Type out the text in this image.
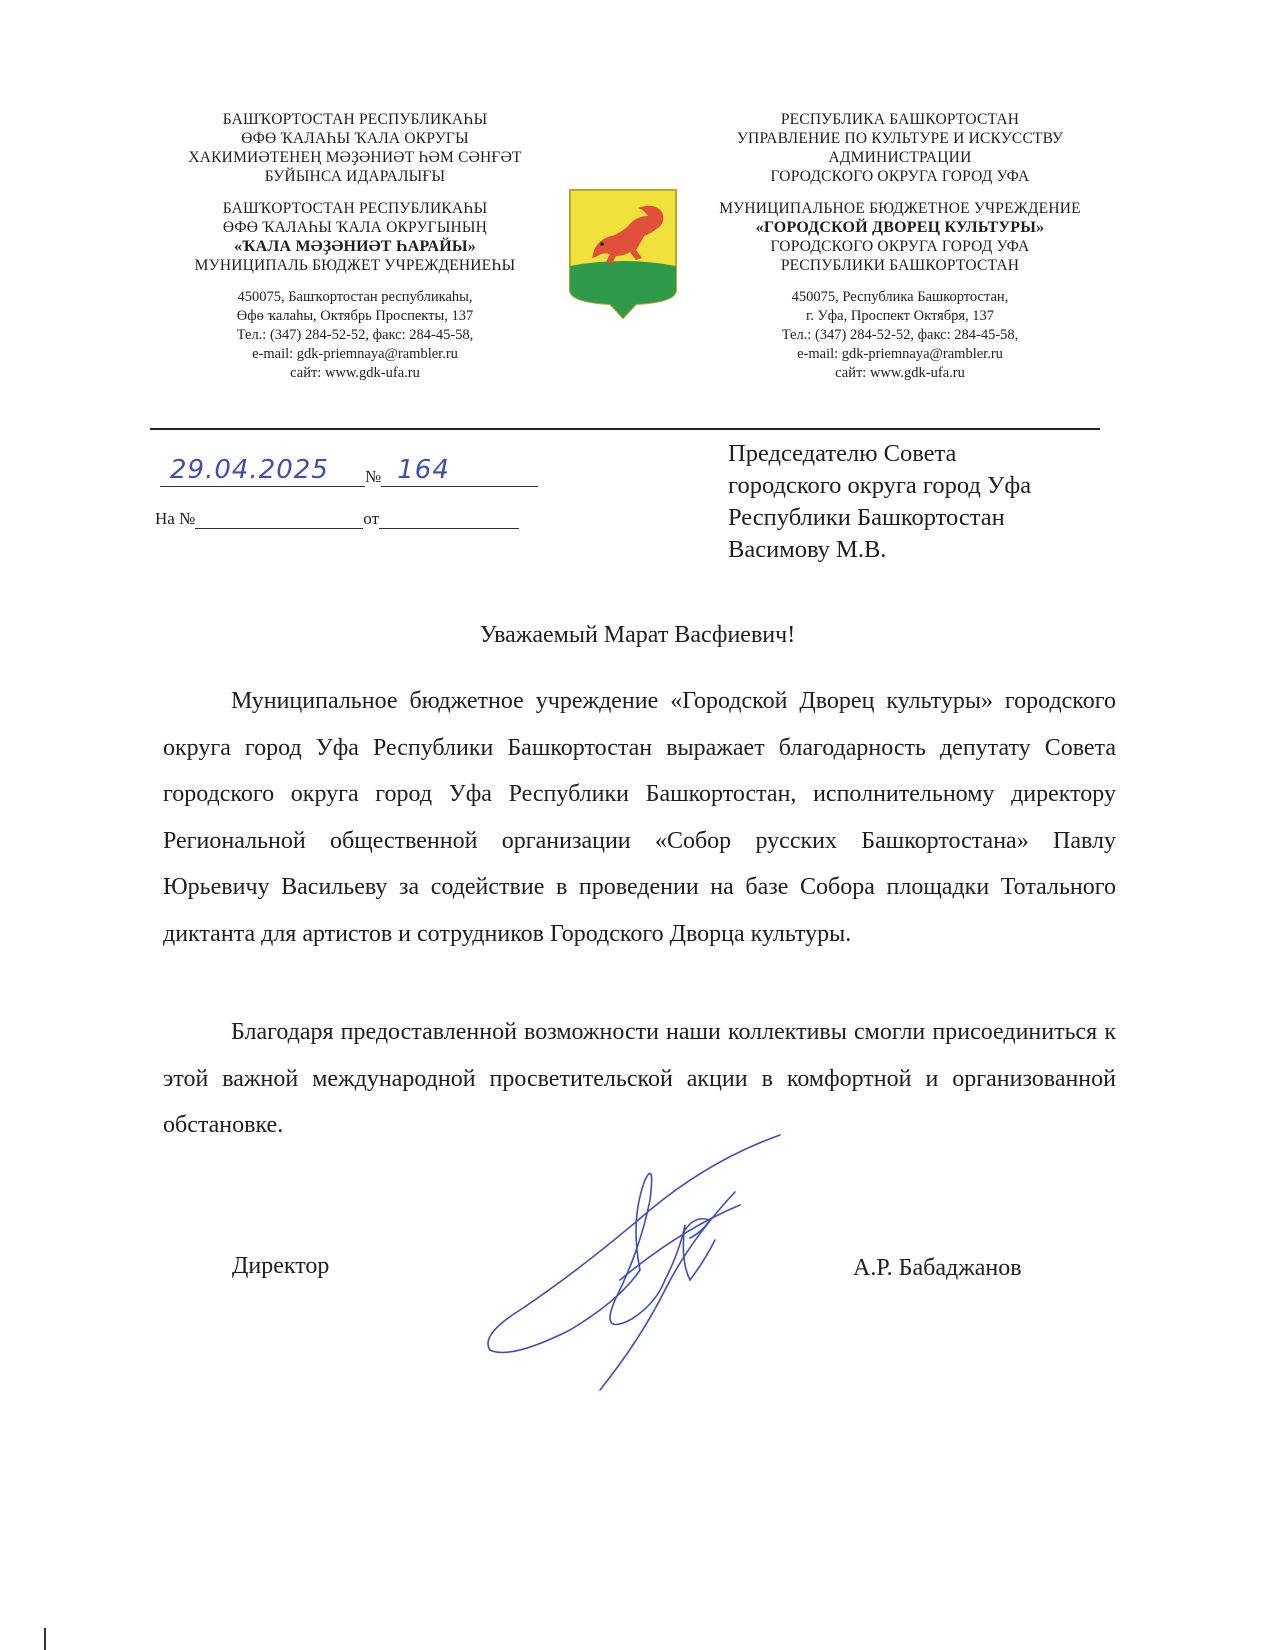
БАШҠОРТОСТАН РЕСПУБЛИКАҺЫ
ӨФӨ ҠАЛАҺЫ ҠАЛА ОКРУГЫ
ХАКИМИӘТЕНЕҢ МӘҘӘНИӘТ ҺӘМ СӘНҒӘТ
БУЙЫНСА ИДАРАЛЫҒЫ
БАШҠОРТОСТАН РЕСПУБЛИКАҺЫ
ӨФӨ ҠАЛАҺЫ ҠАЛА ОКРУГЫНЫҢ
«ҠАЛА МӘҘӘНИӘТ ҺАРАЙЫ»
МУНИЦИПАЛЬ БЮДЖЕТ УЧРЕЖДЕНИЕҺЫ
450075, Башҡортостан республикаһы,
Өфө ҡалаһы, Октябрь Проспекты, 137
Тел.: (347) 284-52-52, факс: 284-45-58,
e-mail: gdk-priemnaya@rambler.ru
сайт: www.gdk-ufa.ru
РЕСПУБЛИКА БАШКОРТОСТАН
УПРАВЛЕНИЕ ПО КУЛЬТУРЕ И ИСКУССТВУ
АДМИНИСТРАЦИИ
ГОРОДСКОГО ОКРУГА ГОРОД УФА
МУНИЦИПАЛЬНОЕ БЮДЖЕТНОЕ УЧРЕЖДЕНИЕ
«ГОРОДСКОЙ ДВОРЕЦ КУЛЬТУРЫ»
ГОРОДСКОГО ОКРУГА ГОРОД УФА
РЕСПУБЛИКИ БАШКОРТОСТАН
450075, Республика Башкортостан,
г. Уфа, Проспект Октября, 137
Тел.: (347) 284-52-52, факс: 284-45-58,
e-mail: gdk-priemnaya@rambler.ru
сайт: www.gdk-ufa.ru
29.04.2025 № 164
На №	от
Председателю Совета
городского округа город Уфа
Республики Башкортостан
Васимову М.В.
Уважаемый Марат Васфиевич!

Муниципальное бюджетное учреждение «Городской Дворец культуры» городского округа город Уфа Республики Башкортостан выражает благодарность депутату Совета городского округа город Уфа Республики Башкортостан, исполнительному директору Региональной общественной организации «Собор русских Башкортостана» Павлу Юрьевичу Васильеву за содействие в проведении на базе Собора площадки Тотального диктанта для артистов и сотрудников Городского Дворца культуры.

Благодаря предоставленной возможности наши коллективы смогли присоединиться к этой важной международной просветительской акции в комфортной и организованной обстановке.

Директор	А.Р. Бабаджанов
